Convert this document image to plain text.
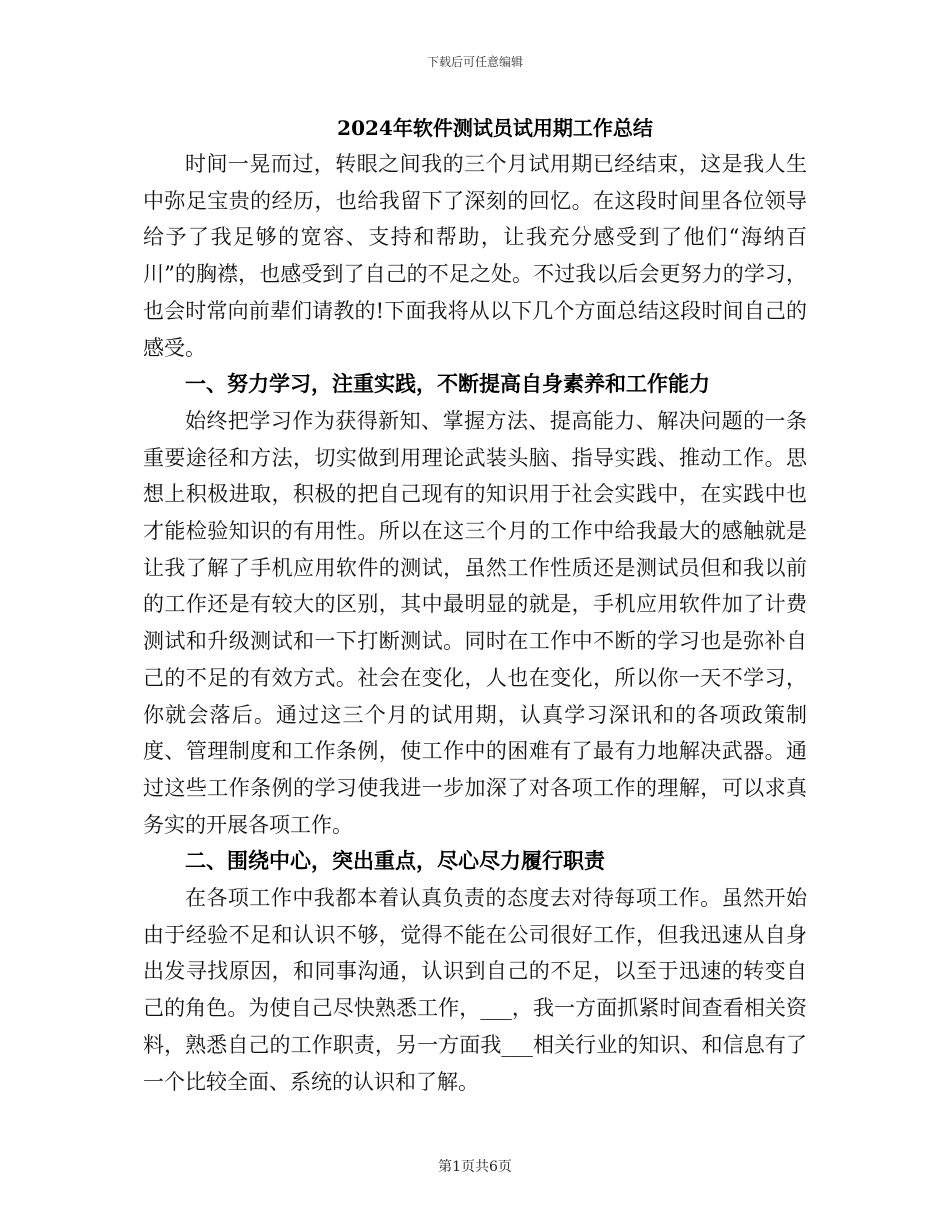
下载后可任意编辑
2024年软件测试员试用期工作总结

时间一晃而过，转眼之间我的三个月试用期已经结束，这是我人生中弥足宝贵的经历，也给我留下了深刻的回忆。在这段时间里各位领导给予了我足够的宽容、支持和帮助，让我充分感受到了他们“海纳百川”的胸襟，也感受到了自己的不足之处。不过我以后会更努力的学习，也会时常向前辈们请教的!下面我将从以下几个方面总结这段时间自己的感受。

一、努力学习，注重实践，不断提高自身素养和工作能力

始终把学习作为获得新知、掌握方法、提高能力、解决问题的一条重要途径和方法，切实做到用理论武装头脑、指导实践、推动工作。思想上积极进取，积极的把自己现有的知识用于社会实践中，在实践中也才能检验知识的有用性。所以在这三个月的工作中给我最大的感触就是让我了解了手机应用软件的测试，虽然工作性质还是测试员但和我以前的工作还是有较大的区别，其中最明显的就是，手机应用软件加了计费测试和升级测试和一下打断测试。同时在工作中不断的学习也是弥补自己的不足的有效方式。社会在变化，人也在变化，所以你一天不学习，你就会落后。通过这三个月的试用期，认真学习深讯和的各项政策制度、管理制度和工作条例，使工作中的困难有了最有力地解决武器。通过这些工作条例的学习使我进一步加深了对各项工作的理解，可以求真务实的开展各项工作。

二、围绕中心，突出重点，尽心尽力履行职责

在各项工作中我都本着认真负责的态度去对待每项工作。虽然开始由于经验不足和认识不够，觉得不能在公司很好工作，但我迅速从自身出发寻找原因，和同事沟通，认识到自己的不足，以至于迅速的转变自己的角色。为使自己尽快熟悉工作，___，我一方面抓紧时间查看相关资料，熟悉自己的工作职责，另一方面我___相关行业的知识、和信息有了一个比较全面、系统的认识和了解。

第1页共6页
